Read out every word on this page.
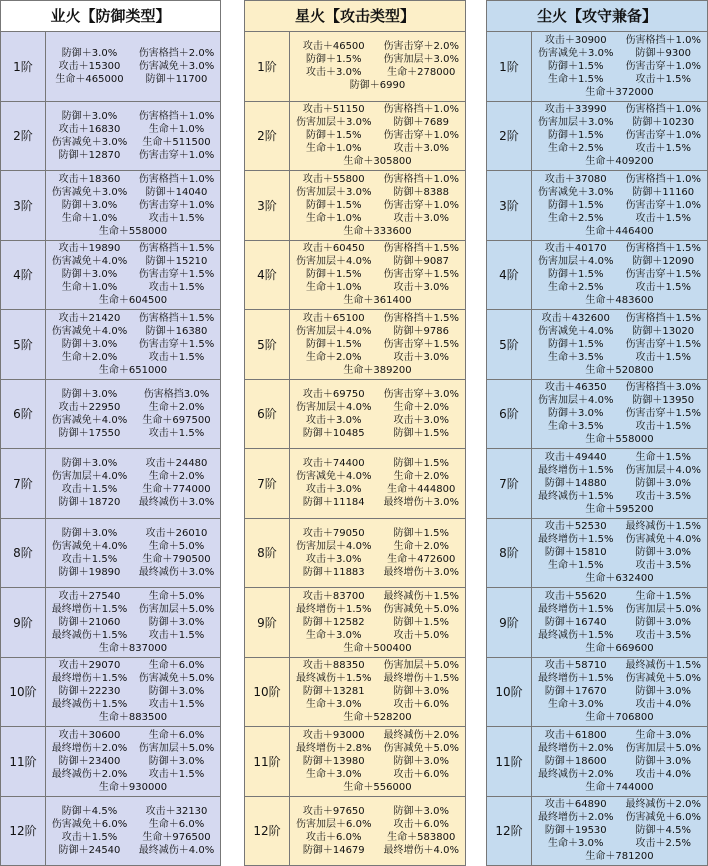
业火【防御类型】
1阶
防御＋3.0%	伤害格挡＋2.0%
攻击＋15300	伤害减免＋3.0%
生命＋465000	防御＋11700
2阶
防御＋3.0%	伤害格挡＋1.0%
攻击＋16830	生命＋1.0%
伤害减免＋3.0%	生命＋511500
防御＋12870	伤害击穿＋1.0%
3阶
攻击＋18360	伤害格挡＋1.0%
伤害减免＋3.0%	防御＋14040
防御＋3.0%	伤害击穿＋1.0%
生命＋1.0%	攻击＋1.5%
生命＋558000
4阶
攻击＋19890	伤害格挡＋1.5%
伤害减免＋4.0%	防御＋15210
防御＋3.0%	伤害击穿＋1.5%
生命＋1.0%	攻击＋1.5%
生命＋604500
5阶
攻击＋21420	伤害格挡＋1.5%
伤害减免＋4.0%	防御＋16380
防御＋3.0%	伤害击穿＋1.5%
生命＋2.0%	攻击＋1.5%
生命＋651000
6阶
防御＋3.0%	伤害格挡3.0%
攻击＋22950	生命＋2.0%
伤害减免＋4.0%	生命＋697500
防御＋17550	攻击＋1.5%
7阶
防御＋3.0%	攻击＋24480
伤害加层＋4.0%	生命＋2.0%
攻击＋1.5%	生命＋774000
防御＋18720	最终减伤＋3.0%
8阶
防御＋3.0%	攻击＋26010
伤害减免＋4.0%	生命＋5.0%
攻击＋1.5%	生命＋790500
防御＋19890	最终减伤＋3.0%
9阶
攻击＋27540	生命＋5.0%
最终增伤＋1.5%	伤害加层＋5.0%
防御＋21060	防御＋3.0%
最终减伤＋1.5%	攻击＋1.5%
生命＋837000
10阶
攻击＋29070	生命＋6.0%
最终增伤＋1.5%	伤害减免＋5.0%
防御＋22230	防御＋3.0%
最终减伤＋1.5%	攻击＋1.5%
生命＋883500
11阶
攻击＋30600	生命＋6.0%
最终增伤＋2.0%	伤害加层＋5.0%
防御＋23400	防御＋3.0%
最终减伤＋2.0%	攻击＋1.5%
生命＋930000
12阶
防御＋4.5%	攻击＋32130
伤害减免＋6.0%	生命＋6.0%
攻击＋1.5%	生命＋976500
防御＋24540	最终减伤＋4.0%
星火【攻击类型】
1阶
攻击＋46500	伤害击穿＋2.0%
防御＋1.5%	伤害加层＋3.0%
攻击＋3.0%	生命＋278000
防御＋6990
2阶
攻击＋51150	伤害格挡＋1.0%
伤害加层＋3.0%	防御＋7689
防御＋1.5%	伤害击穿＋1.0%
生命＋1.0%	攻击＋3.0%
生命＋305800
3阶
攻击＋55800	伤害格挡＋1.0%
伤害加层＋3.0%	防御＋8388
防御＋1.5%	伤害击穿＋1.0%
生命＋1.0%	攻击＋3.0%
生命＋333600
4阶
攻击＋60450	伤害格挡＋1.5%
伤害加层＋4.0%	防御＋9087
防御＋1.5%	伤害击穿＋1.5%
生命＋1.0%	攻击＋3.0%
生命＋361400
5阶
攻击＋65100	伤害格挡＋1.5%
伤害加层＋4.0%	防御＋9786
防御＋1.5%	伤害击穿＋1.5%
生命＋2.0%	攻击＋3.0%
生命＋389200
6阶
攻击＋69750	伤害击穿＋3.0%
伤害加层＋4.0%	生命＋2.0%
攻击＋3.0%	攻击＋3.0%
防御＋10485	防御＋1.5%
7阶
攻击＋74400	防御＋1.5%
伤害减免＋4.0%	生命＋2.0%
攻击＋3.0%	生命＋444800
防御＋11184	最终增伤＋3.0%
8阶
攻击＋79050	防御＋1.5%
伤害加层＋4.0%	生命＋2.0%
攻击＋3.0%	生命＋472600
防御＋11883	最终增伤＋3.0%
9阶
攻击＋83700	最终减伤＋1.5%
最终增伤＋1.5%	伤害减免＋5.0%
防御＋12582	防御＋1.5%
生命＋3.0%	攻击＋5.0%
生命＋500400
10阶
攻击＋88350	伤害加层＋5.0%
最终减伤＋1.5%	最终增伤＋1.5%
防御＋13281	防御＋3.0%
生命＋3.0%	攻击＋6.0%
生命＋528200
11阶
攻击＋93000	最终减伤＋2.0%
最终增伤＋2.8%	伤害减免＋5.0%
防御＋13980	防御＋3.0%
生命＋3.0%	攻击＋6.0%
生命＋556000
12阶
攻击＋97650	防御＋3.0%
伤害加层＋6.0%	攻击＋6.0%
攻击＋6.0%	生命＋583800
防御＋14679	最终增伤＋4.0%
尘火【攻守兼备】
1阶
攻击＋30900	伤害格挡＋1.0%
伤害减免＋3.0%	防御＋9300
防御＋1.5%	伤害击穿＋1.0%
生命＋1.5%	攻击＋1.5%
生命＋372000
2阶
攻击＋33990	伤害格挡＋1.0%
伤害加层＋3.0%	防御＋10230
防御＋1.5%	伤害击穿＋1.0%
生命＋2.5%	攻击＋1.5%
生命＋409200
3阶
攻击＋37080	伤害格挡＋1.0%
伤害减免＋3.0%	防御＋11160
防御＋1.5%	伤害击穿＋1.0%
生命＋2.5%	攻击＋1.5%
生命＋446400
4阶
攻击＋40170	伤害格挡＋1.5%
伤害加层＋4.0%	防御＋12090
防御＋1.5%	伤害击穿＋1.5%
生命＋2.5%	攻击＋1.5%
生命＋483600
5阶
攻击＋432600	伤害格挡＋1.5%
伤害减免＋4.0%	防御＋13020
防御＋1.5%	伤害击穿＋1.5%
生命＋3.5%	攻击＋1.5%
生命＋520800
6阶
攻击＋46350	伤害格挡＋3.0%
伤害加层＋4.0%	防御＋13950
防御＋3.0%	伤害击穿＋1.5%
生命＋3.5%	攻击＋1.5%
生命＋558000
7阶
攻击＋49440	生命＋1.5%
最终增伤＋1.5%	伤害加层＋4.0%
防御＋14880	防御＋3.0%
最终减伤＋1.5%	攻击＋3.5%
生命＋595200
8阶
攻击＋52530	最终减伤＋1.5%
最终增伤＋1.5%	伤害减免＋4.0%
防御＋15810	防御＋3.0%
生命＋1.5%	攻击＋3.5%
生命＋632400
9阶
攻击＋55620	生命＋1.5%
最终增伤＋1.5%	伤害加层＋5.0%
防御＋16740	防御＋3.0%
最终减伤＋1.5%	攻击＋3.5%
生命＋669600
10阶
攻击＋58710	最终减伤＋1.5%
最终增伤＋1.5%	伤害减免＋5.0%
防御＋17670	防御＋3.0%
生命＋3.0%	攻击＋4.0%
生命＋706800
11阶
攻击＋61800	生命＋3.0%
最终增伤＋2.0%	伤害加层＋5.0%
防御＋18600	防御＋3.0%
最终减伤＋2.0%	攻击＋4.0%
生命＋744000
12阶
攻击＋64890	最终减伤＋2.0%
最终增伤＋2.0%	伤害减免＋6.0%
防御＋19530	防御＋4.5%
生命＋3.0%	攻击＋2.5%
生命＋781200
